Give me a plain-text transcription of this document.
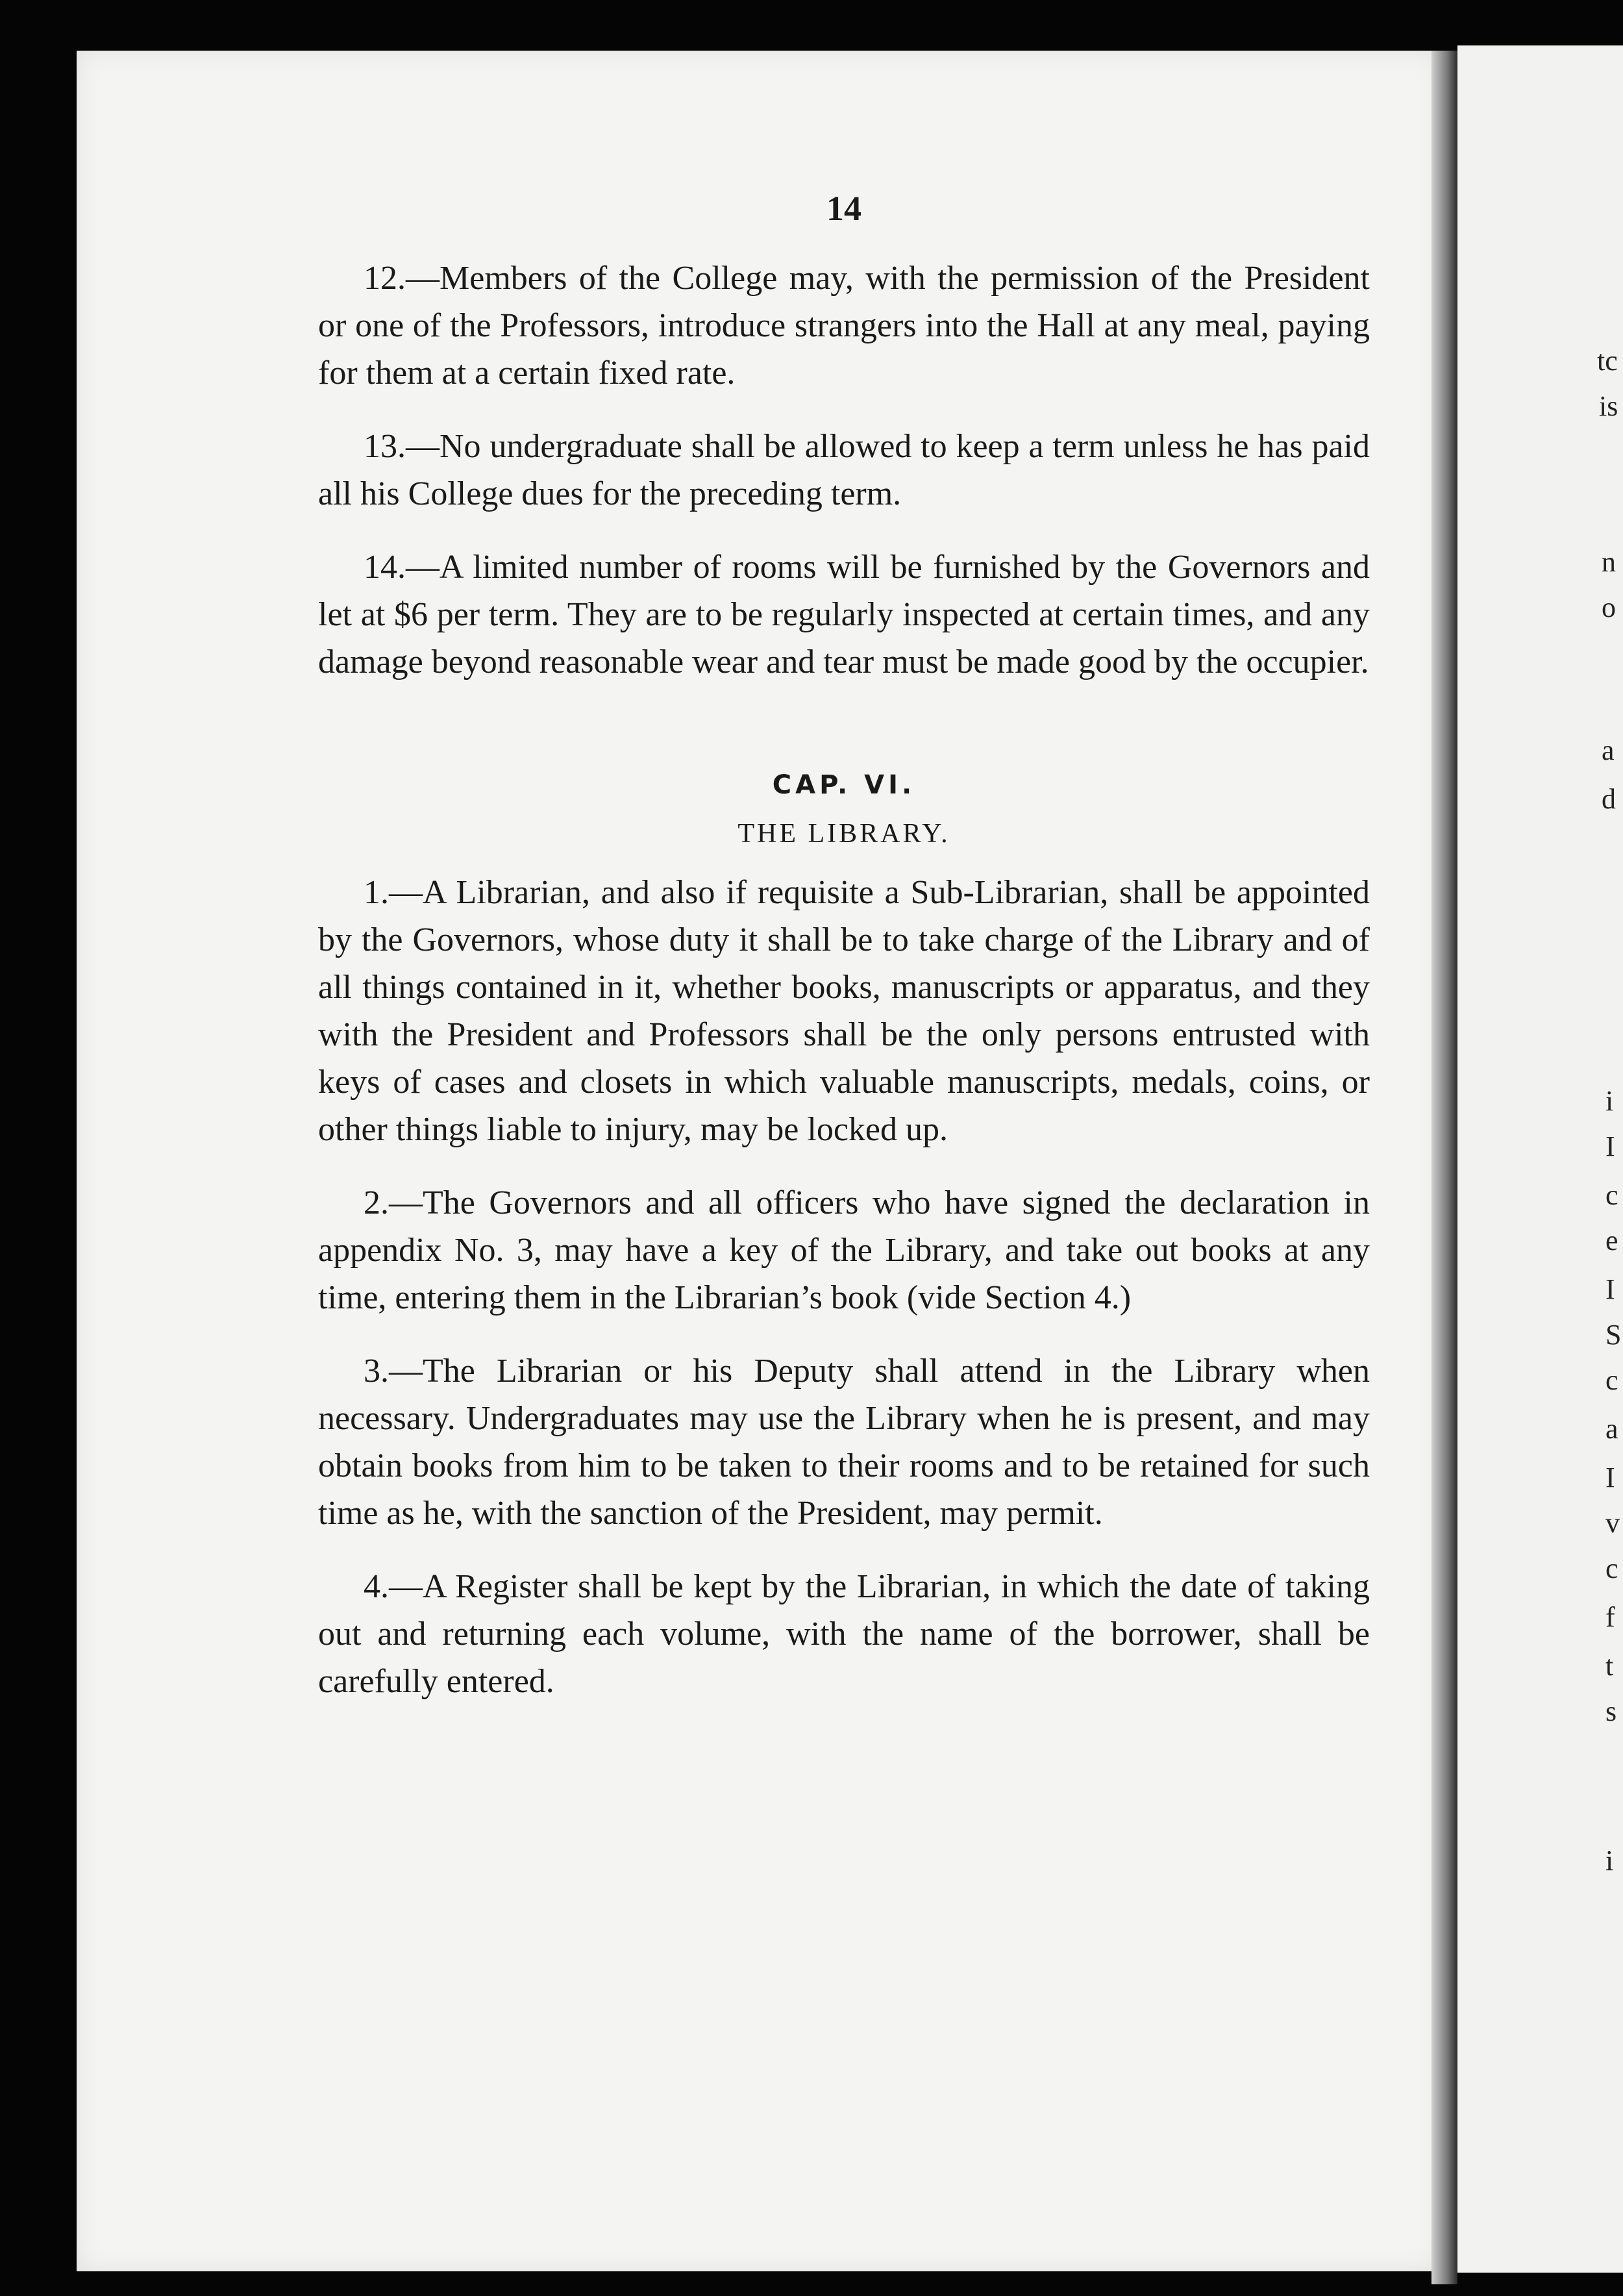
tc
is
n
o
a
d
i
I
c
e
I
S
c
a
I
v
c
f
t
s
i
14

12.—Members of the College may, with the permission of the President or one of the Professors, introduce strangers into the Hall at any meal, paying for them at a certain fixed rate.

13.—No undergraduate shall be allowed to keep a term unless he has paid all his College dues for the preceding term.

14.—A limited number of rooms will be furnished by the Governors and let at $6 per term. They are to be regularly inspected at certain times, and any damage beyond reasonable wear and tear must be made good by the occupier.

CAP. VI.
THE LIBRARY.

1.—A Librarian, and also if requisite a Sub-Librarian, shall be appointed by the Governors, whose duty it shall be to take charge of the Library and of all things contained in it, whether books, manuscripts or apparatus, and they with the President and Professors shall be the only persons entrusted with keys of cases and closets in which valuable manuscripts, medals, coins, or other things liable to injury, may be locked up.

2.—The Governors and all officers who have signed the declaration in appendix No. 3, may have a key of the Library, and take out books at any time, entering them in the Librarian’s book (vide Section 4.)

3.—The Librarian or his Deputy shall attend in the Library when necessary. Undergraduates may use the Library when he is present, and may obtain books from him to be taken to their rooms and to be retained for such time as he, with the sanction of the President, may permit.

4.—A Register shall be kept by the Librarian, in which the date of taking out and returning each volume, with the name of the borrower, shall be carefully entered.
